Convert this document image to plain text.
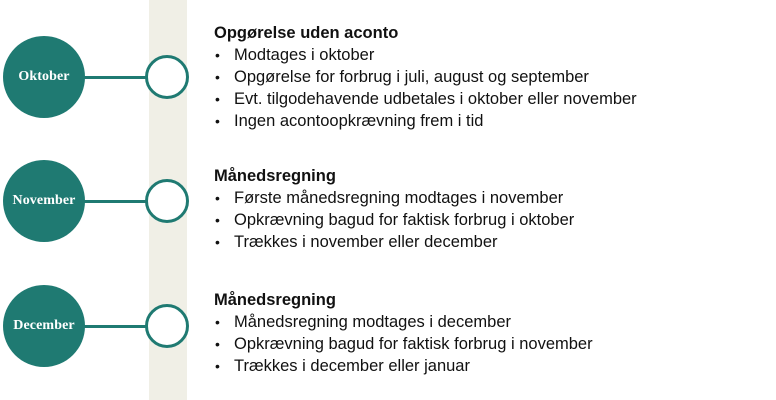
Oktober

Opgørelse uden aconto

• Modtages i oktober
• Opgørelse for forbrug i juli, august og september
• Evt. tilgodehavende udbetales i oktober eller november
• Ingen acontoopkrævning frem i tid
November

Månedsregning

• Første månedsregning modtages i november
• Opkrævning bagud for faktisk forbrug i oktober
• Trækkes i november eller december
December

Månedsregning

• Månedsregning modtages i december
• Opkrævning bagud for faktisk forbrug i november
• Trækkes i december eller januar
